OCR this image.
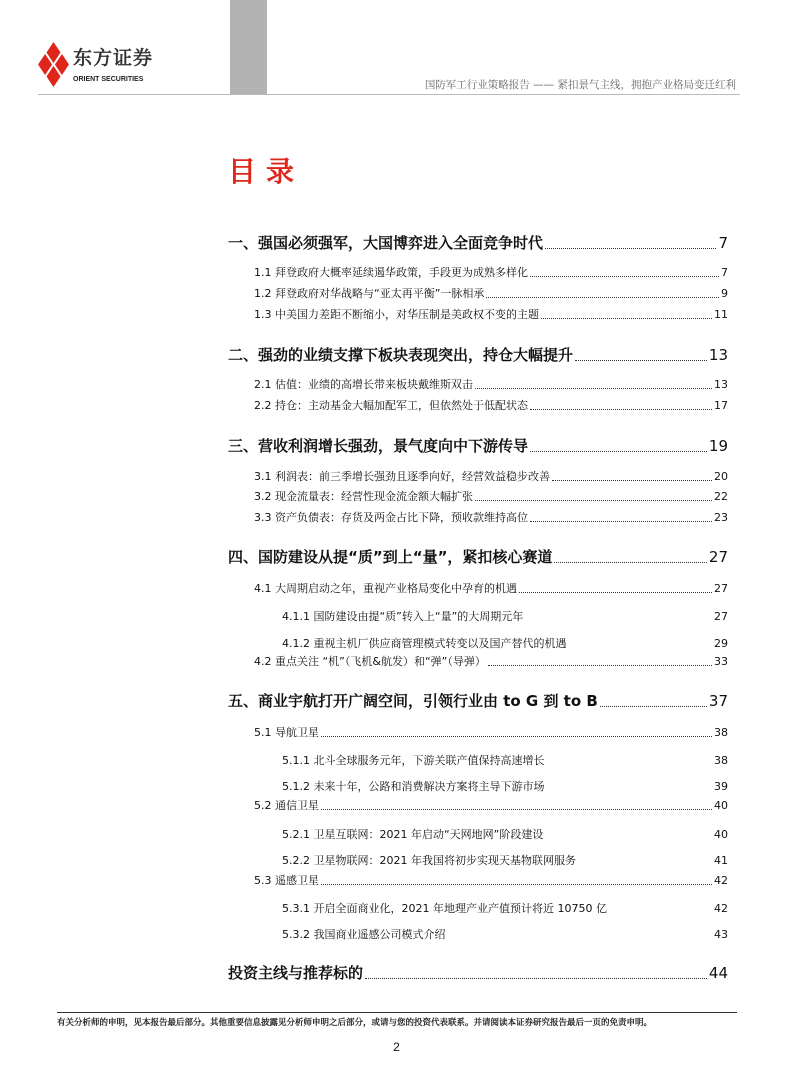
东方证券
ORIENT SECURITIES	国防军工行业策略报告 —— 紧扣景气主线，拥抱产业格局变迁红利
目录
一、强国必须强军，大国博弈进入全面竞争时代	7
1.1 拜登政府大概率延续遏华政策，手段更为成熟多样化	7
1.2 拜登政府对华战略与“亚太再平衡”一脉相承	9
1.3 中美国力差距不断缩小，对华压制是美政权不变的主题	11
二、强劲的业绩支撑下板块表现突出，持仓大幅提升	13
2.1 估值：业绩的高增长带来板块戴维斯双击	13
2.2 持仓：主动基金大幅加配军工，但依然处于低配状态	17
三、营收利润增长强劲，景气度向中下游传导	19
3.1 利润表：前三季增长强劲且逐季向好，经营效益稳步改善	20
3.2 现金流量表：经营性现金流金额大幅扩张	22
3.3 资产负债表：存货及两金占比下降，预收款维持高位	23
四、国防建设从提“质”到上“量”，紧扣核心赛道	27
4.1 大周期启动之年，重视产业格局变化中孕育的机遇	27
4.1.1 国防建设由提“质”转入上“量”的大周期元年	27
4.1.2 重视主机厂供应商管理模式转变以及国产替代的机遇	29
4.2 重点关注 “机”（飞机&航发）和“弹”（导弹）	33
五、商业宇航打开广阔空间，引领行业由 to G 到 to B	37
5.1 导航卫星	38
5.1.1 北斗全球服务元年，下游关联产值保持高速增长	38
5.1.2 未来十年，公路和消费解决方案将主导下游市场	39
5.2 通信卫星	40
5.2.1 卫星互联网：2021 年启动“天网地网”阶段建设	40
5.2.2 卫星物联网：2021 年我国将初步实现天基物联网服务	41
5.3 遥感卫星	42
5.3.1 开启全面商业化，2021 年地理产业产值预计将近 10750 亿	42
5.3.2 我国商业遥感公司模式介绍	43
投资主线与推荐标的	44
有关分析师的申明，见本报告最后部分。其他重要信息披露见分析师申明之后部分，或请与您的投资代表联系。并请阅读本证券研究报告最后一页的免责申明。
2
